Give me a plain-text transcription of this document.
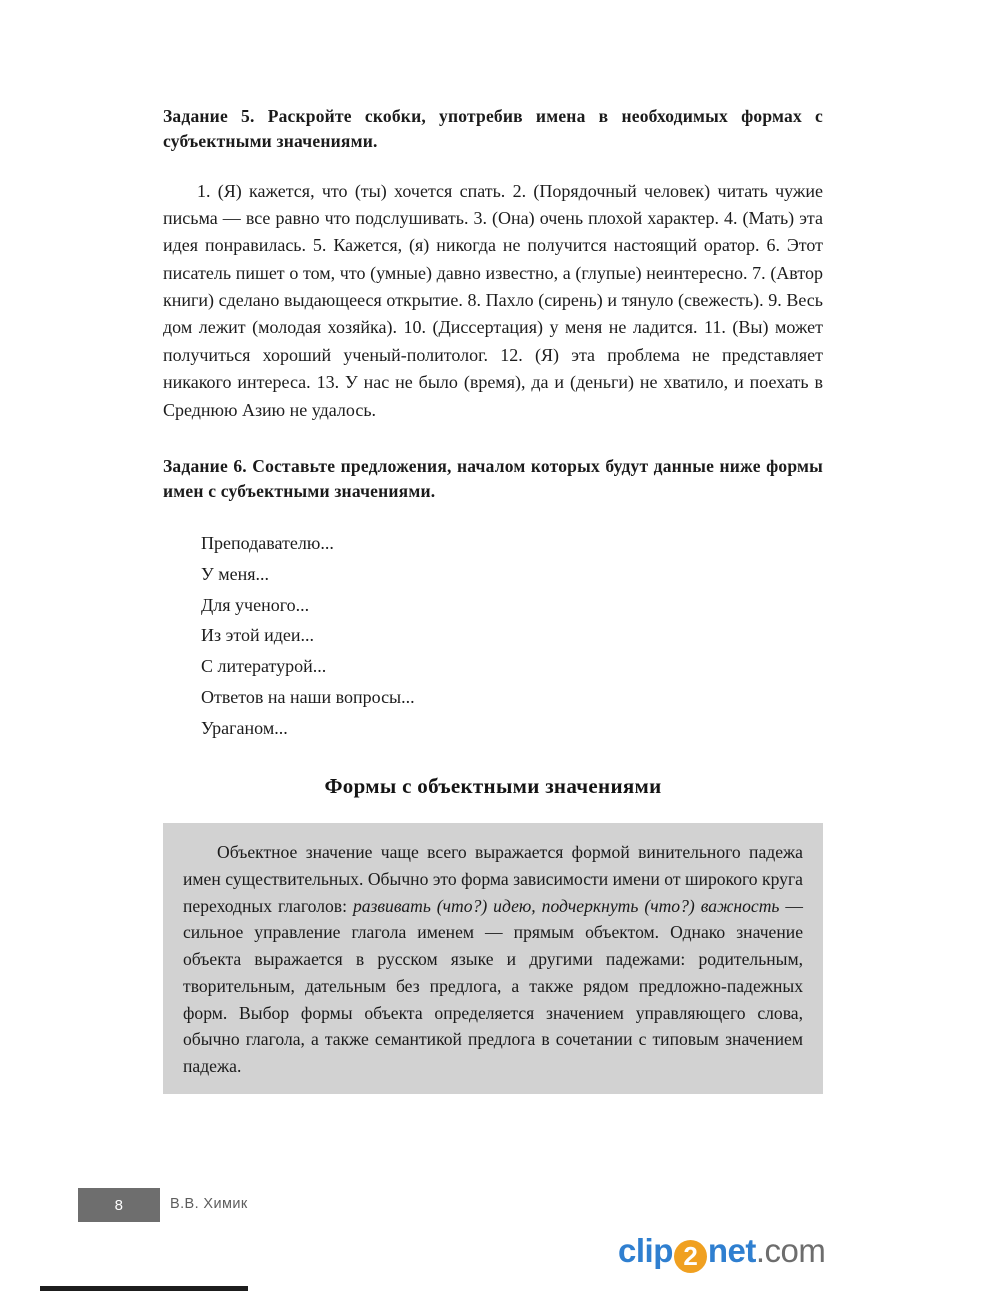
Задание 5. Раскройте скобки, употребив имена в необходимых формах с субъектными значениями.

1. (Я) кажется, что (ты) хочется спать. 2. (Порядочный человек) читать чужие письма — все равно что подслушивать. 3. (Она) очень плохой характер. 4. (Мать) эта идея понравилась. 5. Кажется, (я) никогда не получится настоящий оратор. 6. Этот писатель пишет о том, что (умные) давно известно, а (глупые) неинтересно. 7. (Автор книги) сделано выдающееся открытие. 8. Пахло (сирень) и тянуло (свежесть). 9. Весь дом лежит (молодая хозяйка). 10. (Диссертация) у меня не ладится. 11. (Вы) может получиться хороший ученый-политолог. 12. (Я) эта проблема не представляет никакого интереса. 13. У нас не было (время), да и (деньги) не хватило, и поехать в Среднюю Азию не удалось.

Задание 6. Составьте предложения, началом которых будут данные ниже формы имен с субъектными значениями.

Преподавателю...
У меня...
Для ученого...
Из этой идеи...
С литературой...
Ответов на наши вопросы...
Ураганом...
Формы с объектными значениями

Объектное значение чаще всего выражается формой винительного падежа имен существительных. Обычно это форма зависимости имени от широкого круга переходных глаголов: развивать (что?) идею, подчеркнуть (что?) важность — сильное управление глагола именем — прямым объектом. Однако значение объекта выражается в русском языке и другими падежами: родительным, творительным, дательным без предлога, а также рядом предложно-падежных форм. Выбор формы объекта определяется значением управляющего слова, обычно глагола, а также семантикой предлога в сочетании с типовым значением падежа.

8	В.В. Химик
clip 2 net.com
